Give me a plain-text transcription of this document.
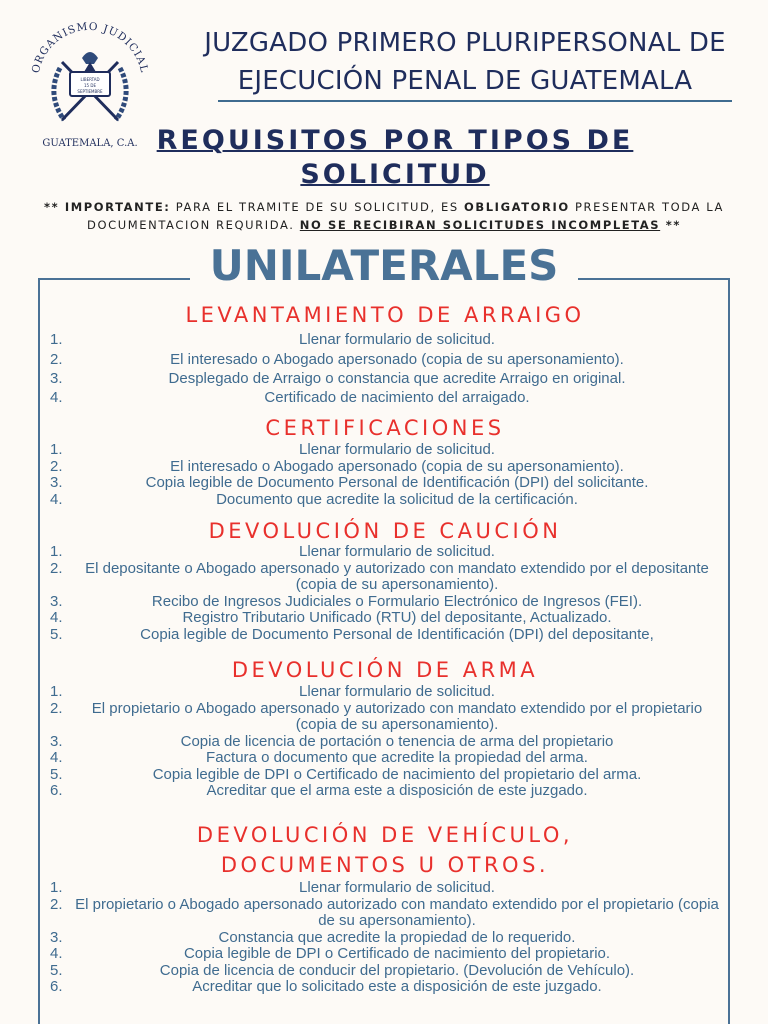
ORGANISMO JUDICIAL
LIBERTAD
15 DE
SEPTIEMBRE
GUATEMALA, C.A.
JUZGADO PRIMERO PLURIPERSONAL DE
EJECUCIÓN PENAL DE GUATEMALA
REQUISITOS POR TIPOS DE
SOLICITUD
** IMPORTANTE: PARA EL TRAMITE DE SU SOLICITUD, ES OBLIGATORIO PRESENTAR TODA LA DOCUMENTACION REQURIDA. NO SE RECIBIRAN SOLICITUDES INCOMPLETAS **
UNILATERALES
LEVANTAMIENTO DE ARRAIGO
1.	Llenar formulario de solicitud.
2.	El interesado o Abogado apersonado (copia de su apersonamiento).
3.	Desplegado de Arraigo o constancia que acredite Arraigo en original.
4.	Certificado de nacimiento del arraigado.
CERTIFICACIONES
1.	Llenar formulario de solicitud.
2.	El interesado o Abogado apersonado (copia de su apersonamiento).
3.	Copia legible de Documento Personal de Identificación (DPI) del solicitante.
4.	Documento que acredite la solicitud de la certificación.
DEVOLUCIÓN DE CAUCIÓN
1.	Llenar formulario de solicitud.
2. El depositante o Abogado apersonado y autorizado con mandato extendido por el depositante (copia de su apersonamiento).
3.	Recibo de Ingresos Judiciales o Formulario Electrónico de Ingresos (FEI).
4.	Registro Tributario Unificado (RTU) del depositante, Actualizado.
5.	Copia legible de Documento Personal de Identificación (DPI) del depositante,
DEVOLUCIÓN DE ARMA
1.	Llenar formulario de solicitud.
2. El propietario o Abogado apersonado y autorizado con mandato extendido por el propietario (copia de su apersonamiento).
3.	Copia de licencia de portación o tenencia de arma del propietario
4.	Factura o documento que acredite la propiedad del arma.
5.	Copia legible de DPI o Certificado de nacimiento del propietario del arma.
6.	Acreditar que el arma este a disposición de este juzgado.
DEVOLUCIÓN DE VEHÍCULO, DOCUMENTOS U OTROS.
1.	Llenar formulario de solicitud.
2. El propietario o Abogado apersonado autorizado con mandato extendido por el propietario (copia de su apersonamiento).
3.	Constancia que acredite la propiedad de lo requerido.
4.	Copia legible de DPI o Certificado de nacimiento del propietario.
5.	Copia de licencia de conducir del propietario. (Devolución de Vehículo).
6.	Acreditar que lo solicitado este a disposición de este juzgado.
